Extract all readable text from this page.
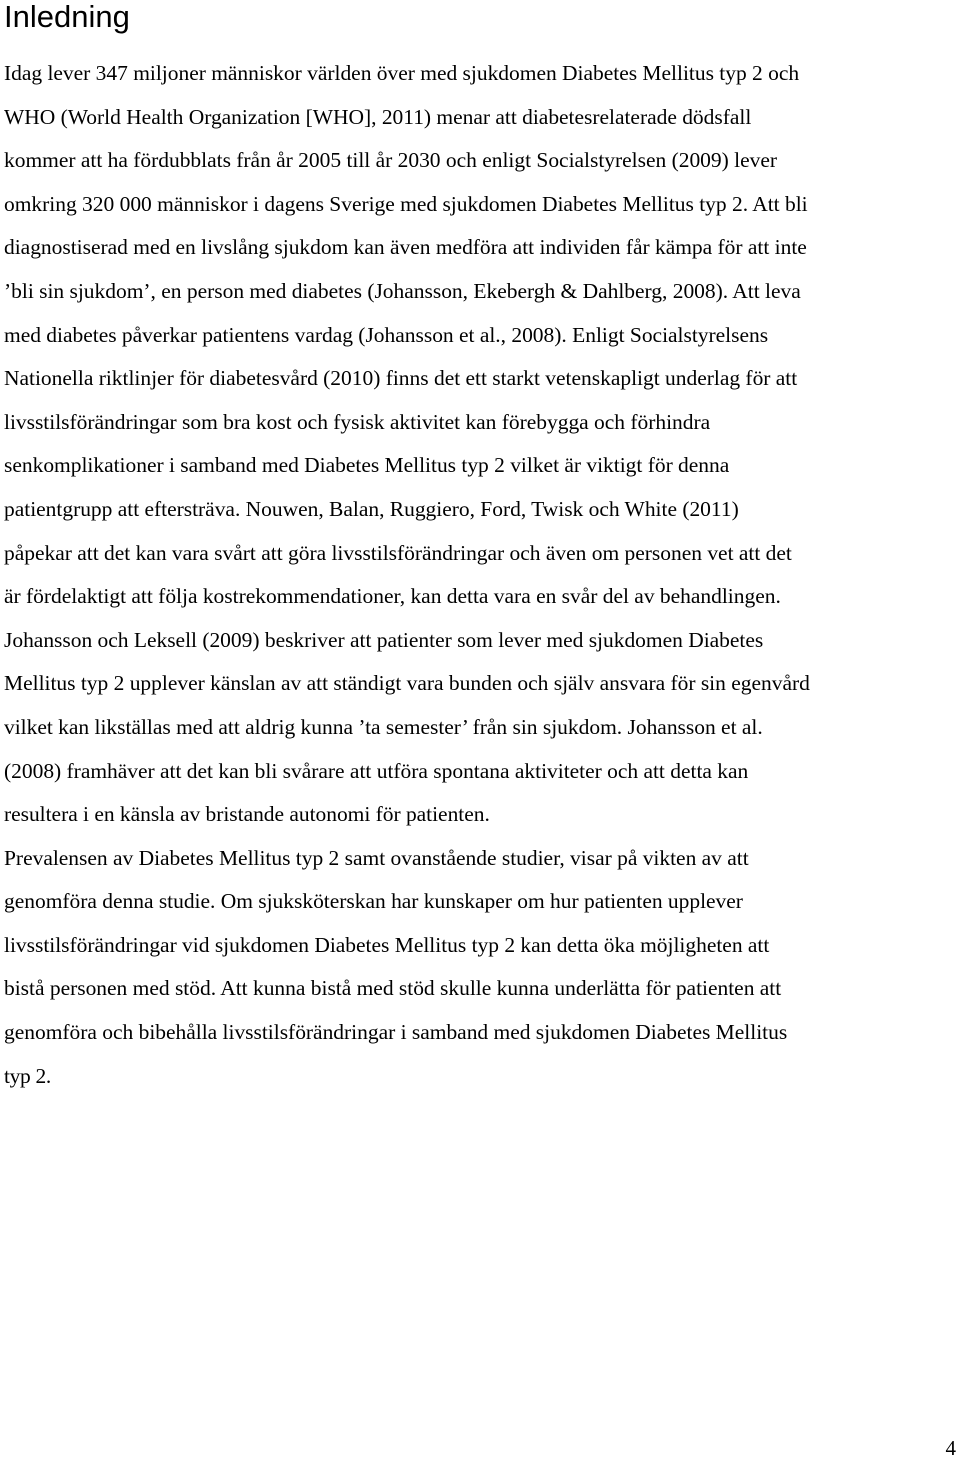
Inledning

Idag lever 347 miljoner människor världen över med sjukdomen Diabetes Mellitus typ 2 och

WHO (World Health Organization [WHO], 2011) menar att diabetesrelaterade dödsfall

kommer att ha fördubblats från år 2005 till år 2030 och enligt Socialstyrelsen (2009) lever

omkring 320 000 människor i dagens Sverige med sjukdomen Diabetes Mellitus typ 2. Att bli

diagnostiserad med en livslång sjukdom kan även medföra att individen får kämpa för att inte

’bli sin sjukdom’, en person med diabetes (Johansson, Ekebergh & Dahlberg, 2008). Att leva

med diabetes påverkar patientens vardag (Johansson et al., 2008). Enligt Socialstyrelsens

Nationella riktlinjer för diabetesvård (2010) finns det ett starkt vetenskapligt underlag för att

livsstilsförändringar som bra kost och fysisk aktivitet kan förebygga och förhindra

senkomplikationer i samband med Diabetes Mellitus typ 2 vilket är viktigt för denna

patientgrupp att eftersträva. Nouwen, Balan, Ruggiero, Ford, Twisk och White (2011)

påpekar att det kan vara svårt att göra livsstilsförändringar och även om personen vet att det

är fördelaktigt att följa kostrekommendationer, kan detta vara en svår del av behandlingen.

Johansson och Leksell (2009) beskriver att patienter som lever med sjukdomen Diabetes

Mellitus typ 2 upplever känslan av att ständigt vara bunden och själv ansvara för sin egenvård

vilket kan likställas med att aldrig kunna ’ta semester’ från sin sjukdom. Johansson et al.

(2008) framhäver att det kan bli svårare att utföra spontana aktiviteter och att detta kan

resultera i en känsla av bristande autonomi för patienten.

Prevalensen av Diabetes Mellitus typ 2 samt ovanstående studier, visar på vikten av att

genomföra denna studie. Om sjuksköterskan har kunskaper om hur patienten upplever

livsstilsförändringar vid sjukdomen Diabetes Mellitus typ 2 kan detta öka möjligheten att

bistå personen med stöd. Att kunna bistå med stöd skulle kunna underlätta för patienten att

genomföra och bibehålla livsstilsförändringar i samband med sjukdomen Diabetes Mellitus

typ 2.

4
